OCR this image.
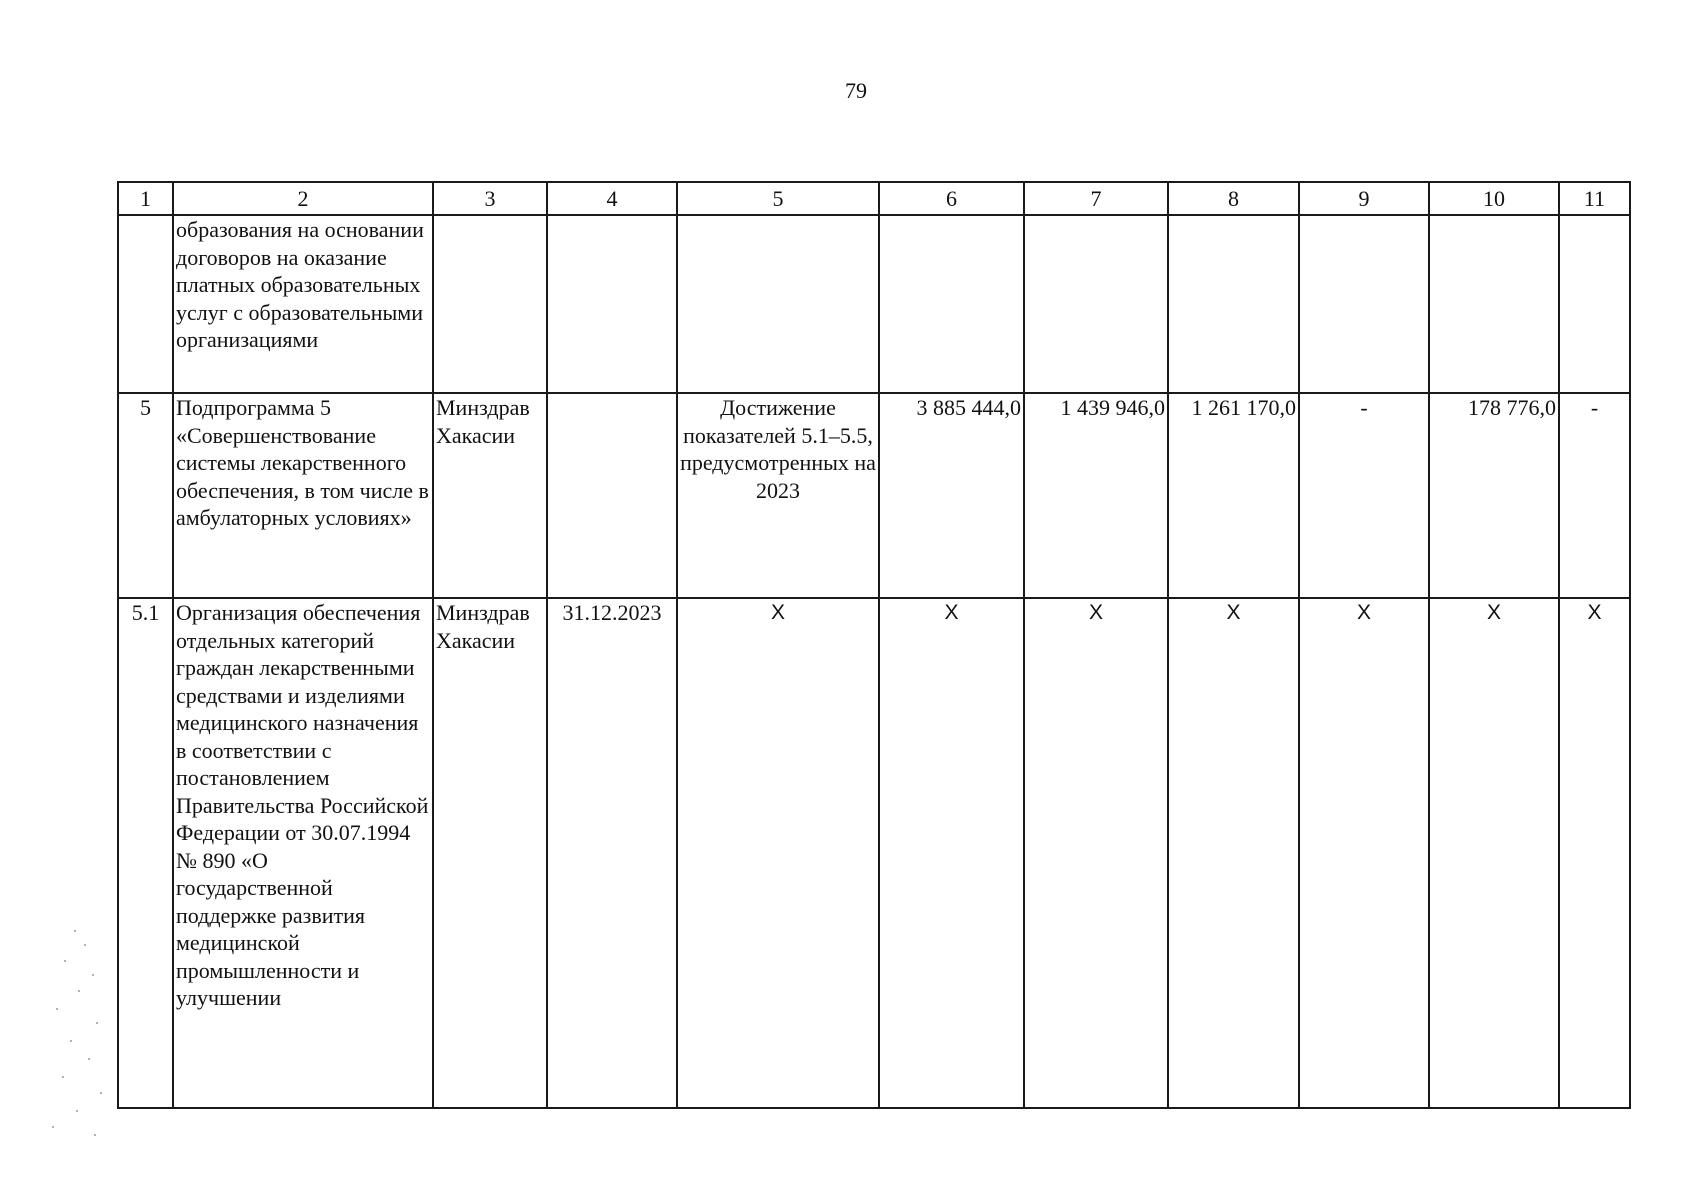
79
1	2	3	4	5	6	7	8	9	10	11
	образования на основании договоров на оказание платных образовательных услуг с образовательными организациями									
5	Подпрограмма 5 «Совершенствование системы лекарственного обеспечения, в том числе в амбулаторных условиях»	Минздрав Хакасии		Достижение показателей 5.1–5.5, предусмотренных на 2023	3 885 444,0	1 439 946,0	1 261 170,0	-	178 776,0	-
5.1	Организация обеспечения отдельных категорий граждан лекарственными средствами и изделиями медицинского назначения в соответствии с постановлением Правительства Российской Федерации от 30.07.1994 № 890 «О государственной поддержке развития медицинской промышленности и улучшении	Минздрав Хакасии	31.12.2023	X	X	X	X	X	X	X
